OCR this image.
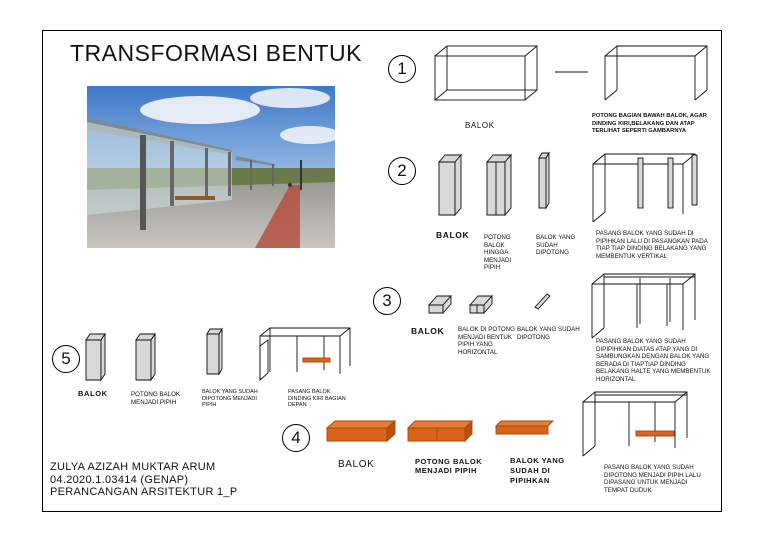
TRANSFORMASI BENTUK
1
2
3
4
5
BALOK
POTONG BAGIAN BAWAH BALOK, AGAR DINDING KIRI,BELAKANG DAN ATAP TERLIHAT SEPERTI GAMBARNYA
BALOK POTONG BALOK HINGGA MENJADI PIPIH
BALOK YANG SUDAH DIPOTONG
PASANG BALOK YANG SUDAH DI PIPIHKAN LALU DI PASANGKAN PADA TIAP TIAP DINDING BELAKANG YANG MEMBENTUK VERTIKAL
BALOK BALOK DI POTONG MENJADI BENTUK PIPIH YANG HORIZONTAL
BALOK YANG SUDAH DIPOTONG
PASANG BALOK YANG SUDAH DIPIPIHKAN DIATAS ATAP YANG DI SAMBUNGKAN DENGAN BALOK YANG BERADA DI TIAPTIAP DINDING BELAKANG HALTE YANG MEMBENTUK HORIZONTAL
BALOK	POTONG BALOK MENJADI PIPIH
BALOK YANG SUDAH DIPOTONG MENJADI PIPIH
PASANG BALOK DINDING KIRI BAGIAN DEPAN
BALOK	POTONG BALOK MENJADI PIPIH
BALOK YANG SUDAH DI PIPIHKAN
PASANG BALOK YANG SUDAH DIPOTONG MENJADI PIPIH LALU DIPASANG UNTUK MENJADI TEMPAT DUDUK
ZULYA AZIZAH MUKTAR ARUM
04.2020.1.03414 (GENAP)
PERANCANGAN ARSITEKTUR 1_P
